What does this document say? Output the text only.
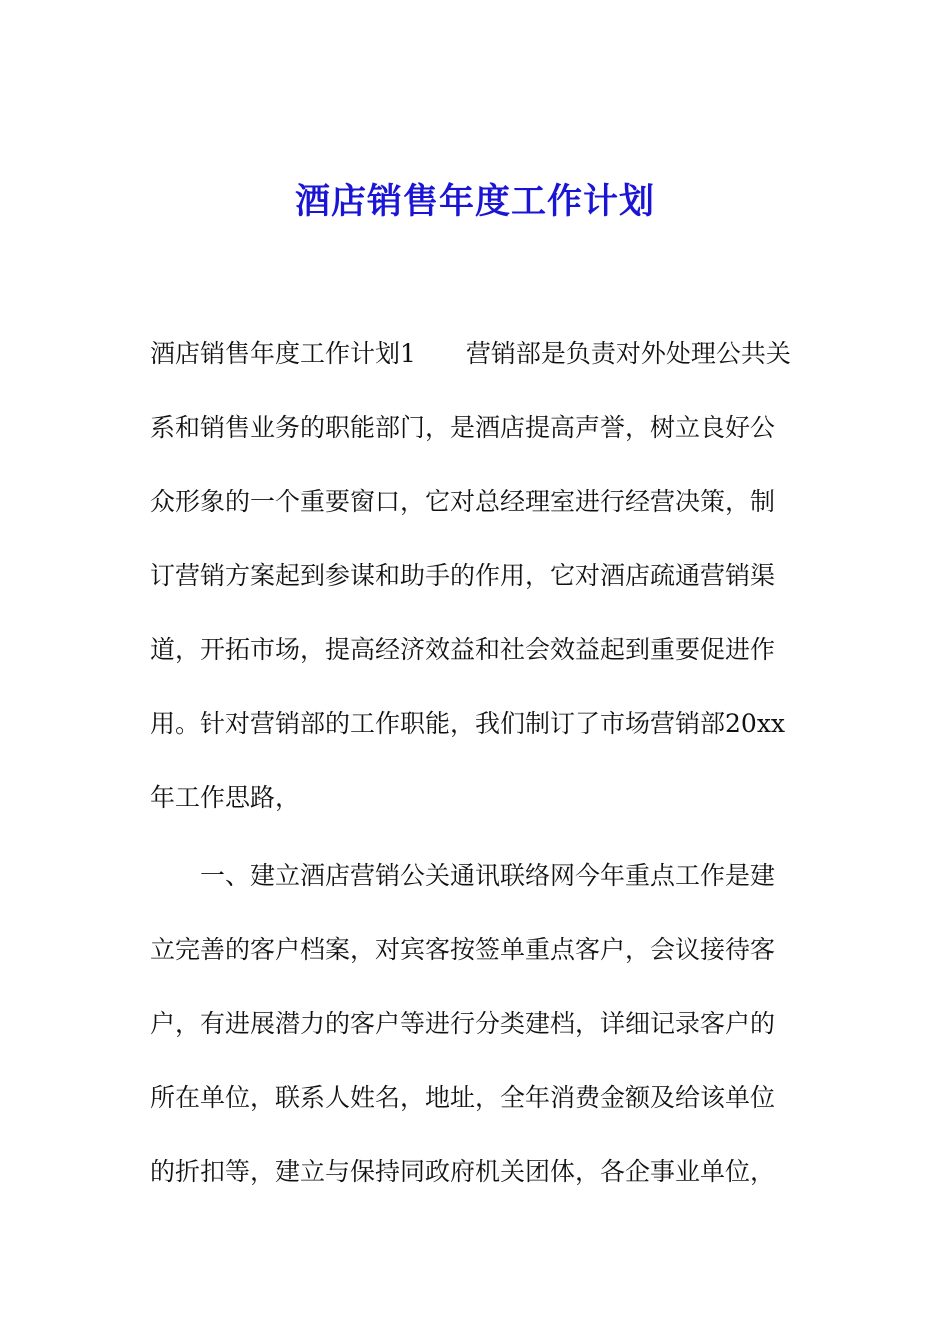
酒店销售年度工作计划
酒店销售年度工作计划1　　营销部是负责对外处理公共关
系和销售业务的职能部门，是酒店提高声誉，树立良好公
众形象的一个重要窗口，它对总经理室进行经营决策，制
订营销方案起到参谋和助手的作用，它对酒店疏通营销渠
道，开拓市场，提高经济效益和社会效益起到重要促进作
用。针对营销部的工作职能，我们制订了市场营销部20xx
年工作思路，
　　一、建立酒店营销公关通讯联络网今年重点工作是建
立完善的客户档案，对宾客按签单重点客户，会议接待客
户，有进展潜力的客户等进行分类建档，详细记录客户的
所在单位，联系人姓名，地址，全年消费金额及给该单位
的折扣等，建立与保持同政府机关团体，各企事业单位，
